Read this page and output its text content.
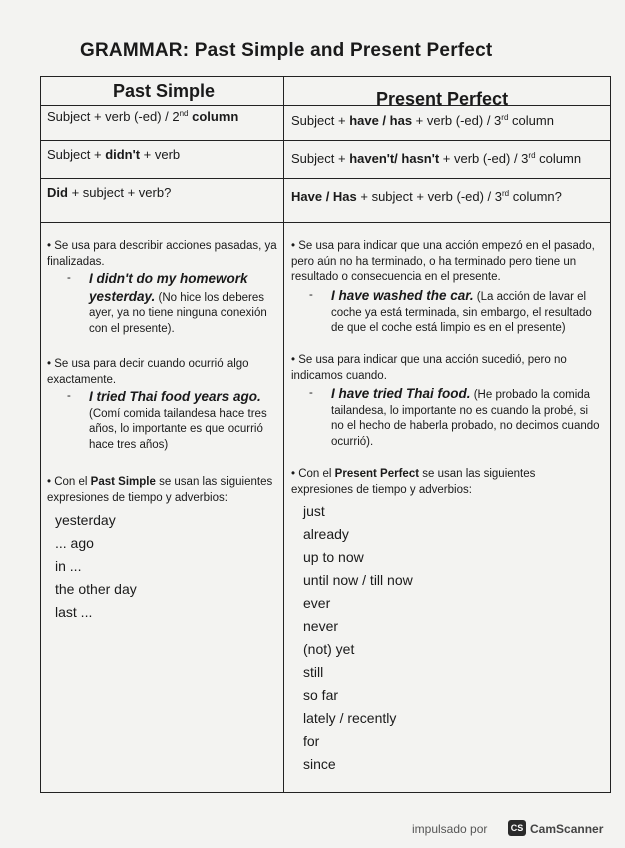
GRAMMAR: Past Simple and Present Perfect
Past Simple	Present Perfect
Subject + verb (-ed) / 2nd column
Subject + didn't + verb
Did + subject + verb?
Subject + have / has + verb (-ed) / 3rd column
Subject + haven't/ hasn't + verb (-ed) / 3rd column
Have / Has + subject + verb (-ed) / 3rd column?
• Se usa para describir acciones pasadas, ya finalizadas.
- I didn't do my homework yesterday. (No hice los deberes ayer, ya no tiene ninguna conexión con el presente).
• Se usa para decir cuando ocurrió algo exactamente.
- I tried Thai food years ago.(Comí comida tailandesa hace tres años, lo importante es que ocurrió hace tres años)
• Con el Past Simple se usan las siguientes expresiones de tiempo y adverbios:
yesterday
... ago
in ...
the other day
last ...
• Se usa para indicar que una acción empezó en el pasado, pero aún no ha terminado, o ha terminado pero tiene un resultado o consecuencia en el presente.
- I have washed the car. (La acción de lavar el coche ya está terminada, sin embargo, el resultado de que el coche está limpio es en el presente)
• Se usa para indicar que una acción sucedió, pero no indicamos cuando.
- I have tried Thai food. (He probado la comida tailandesa, lo importante no es cuando la probé, si no el hecho de haberla probado, no decimos cuando ocurrió).
• Con el Present Perfect se usan las siguientes expresiones de tiempo y adverbios:
just
already
up to now
until now / till now
ever
never
(not) yet
still
so far
lately / recently
for
since
impulsado por	CS CamScanner
